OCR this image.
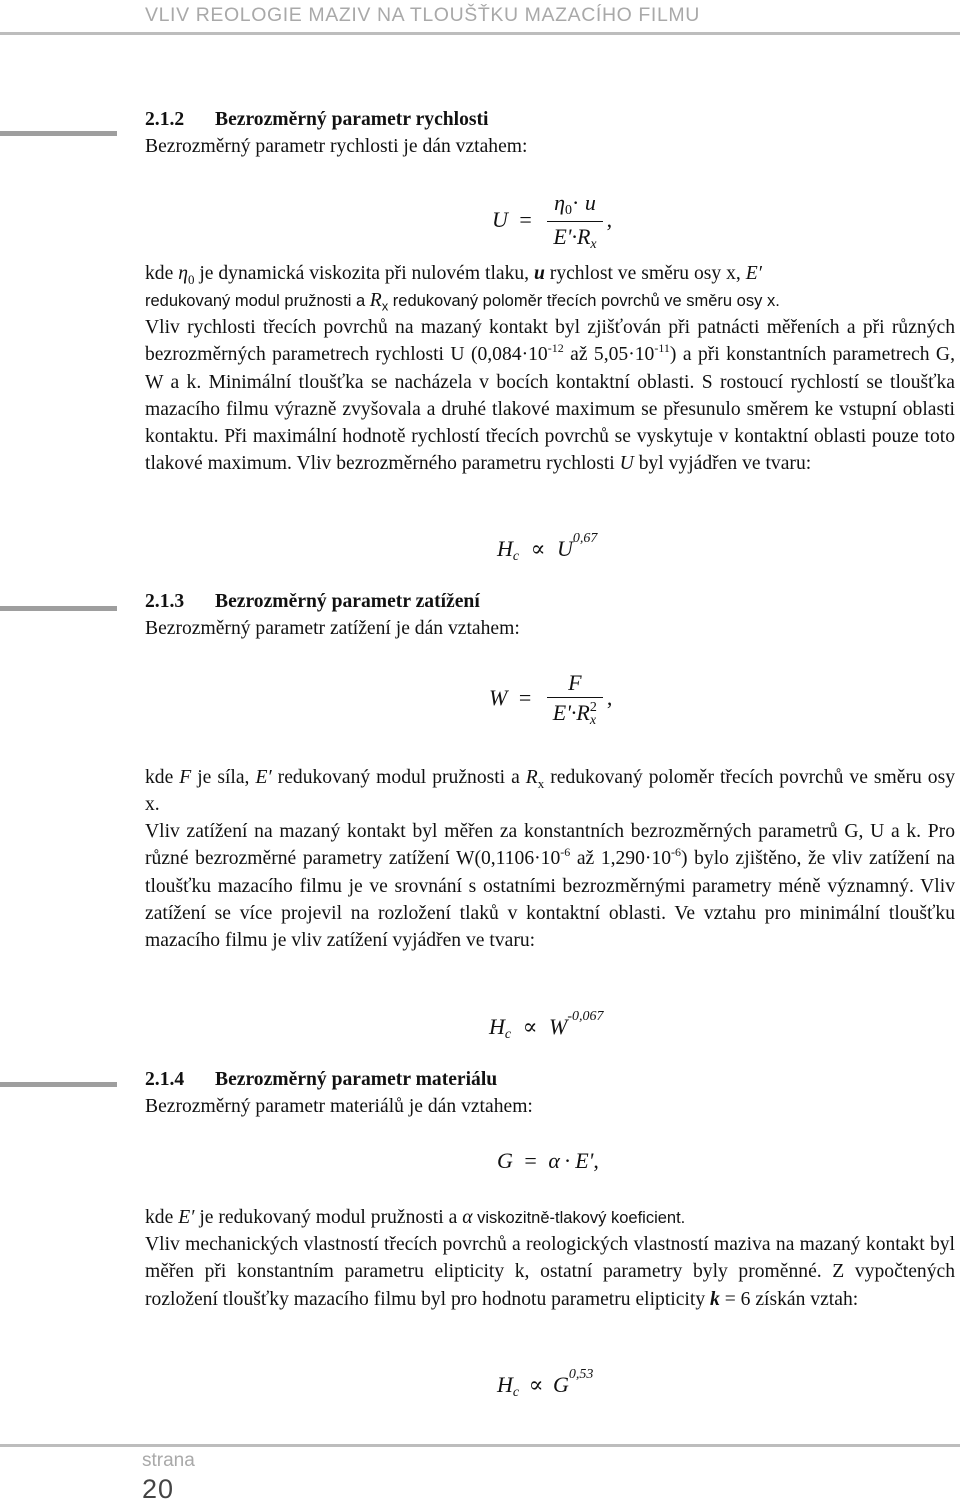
VLIV REOLOGIE MAZIV NA TLOUŠŤKU MAZACÍHO FILMU
2.1.2 Bezrozměrný parametr rychlosti
Bezrozměrný parametr rychlosti je dán vztahem:
$U = \frac{\eta_0\cdot u}{E'\cdot R_x}$ ,
kde $\eta_0$ je dynamická viskozita při nulovém tlaku, u rychlost ve směru osy x, E′
redukovaný modul pružnosti a $R_x$ redukovaný poloměr třecích povrchů ve směru osy x.
Vliv rychlosti třecích povrchů na mazaný kontakt byl zjišťován při patnácti měřeních a při různých bezrozměrných parametrech rychlosti U ($0,084\cdot 10^{-12}$ až $5,05\cdot 10^{-11}$) a při konstantních parametrech G, W a k. Minimální tloušťka se nacházela v bocích kontaktní oblasti. S rostoucí rychlostí se tloušťka mazacího filmu výrazně zvyšovala a druhé tlakové maximum se přesunulo směrem ke vstupní oblasti kontaktu. Při maximální hodnotě rychlostí třecích povrchů se vyskytuje v kontaktní oblasti pouze toto tlakové maximum. Vliv bezrozměrného parametru rychlosti U byl vyjádřen ve tvaru:
$H_c \propto U^{0,67}$
2.1.3 Bezrozměrný parametr zatížení
Bezrozměrný parametr zatížení je dán vztahem:
W = F
E'·R 2
x ,
kde F je síla, E′ redukovaný modul pružnosti a $R_x$ redukovaný poloměr třecích povrchů ve směru osy x.
Vliv zatížení na mazaný kontakt byl měřen za konstantních bezrozměrných parametrů G, U a k. Pro různé bezrozměrné parametry zatížení $W(0,1106\cdot 10^{-6}$ až $1,290\cdot 10^{-6}$) bylo zjištěno, že vliv zatížení na tloušťku mazacího filmu je ve srovnání s ostatními bezrozměrnými parametry méně významný. Vliv zatížení se více projevil na rozložení tlaků v kontaktní oblasti. Ve vztahu pro minimální tloušťku mazacího filmu je vliv zatížení vyjádřen ve tvaru:
$H_c \propto W^{-0,067}$
2.1.4 Bezrozměrný parametr materiálu
Bezrozměrný parametr materiálů je dán vztahem:
G = α · E',
kde E′ je redukovaný modul pružnosti a α viskozitně-tlakový koeficient.
Vliv mechanických vlastností třecích povrchů a reologických vlastností maziva na mazaný kontakt byl měřen při konstantním parametru elipticity k, ostatní parametry byly proměnné. Z vypočtených rozložení tloušťky mazacího filmu byl pro hodnotu parametru elipticity k = 6 získán vztah:
$H_c \propto G^{0,53}$
strana
20
